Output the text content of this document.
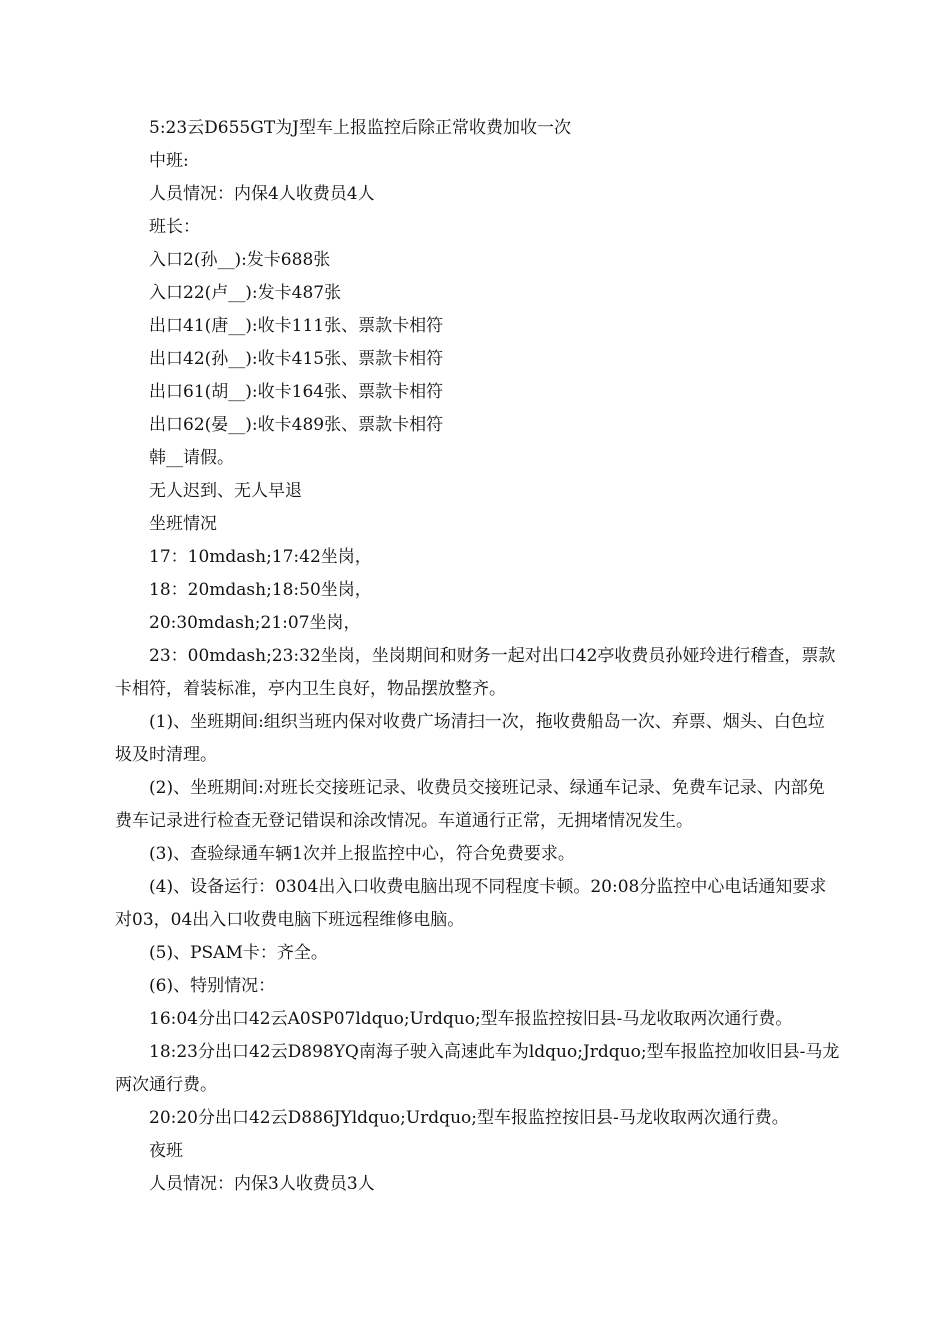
5:23云D655GT为J型车上报监控后除正常收费加收一次

中班:

人员情况：内保4人收费员4人

班长：

入口2(孙__):发卡688张

入口22(卢__):发卡487张

出口41(唐__):收卡111张、票款卡相符

出口42(孙__):收卡415张、票款卡相符

出口61(胡__):收卡164张、票款卡相符

出口62(晏__):收卡489张、票款卡相符

韩__请假。

无人迟到、无人早退

坐班情况

17：10mdash;17:42坐岗，

18：20mdash;18:50坐岗，

20:30mdash;21:07坐岗，

23：00mdash;23:32坐岗，坐岗期间和财务一起对出口42亭收费员孙娅玲进行稽查，票款卡相符，着装标准，亭内卫生良好，物品摆放整齐。

(1)、坐班期间:组织当班内保对收费广场清扫一次，拖收费船岛一次、弃票、烟头、白色垃圾及时清理。

(2)、坐班期间:对班长交接班记录、收费员交接班记录、绿通车记录、免费车记录、内部免费车记录进行检查无登记错误和涂改情况。车道通行正常，无拥堵情况发生。

(3)、查验绿通车辆1次并上报监控中心，符合免费要求。

(4)、设备运行：0304出入口收费电脑出现不同程度卡顿。20:08分监控中心电话通知要求对03，04出入口收费电脑下班远程维修电脑。

(5)、PSAM卡：齐全。

(6)、特别情况：

16:04分出口42云A0SP07ldquo;Urdquo;型车报监控按旧县-马龙收取两次通行费。

18:23分出口42云D898YQ南海子驶入高速此车为ldquo;Jrdquo;型车报监控加收旧县-马龙两次通行费。

20:20分出口42云D886JYldquo;Urdquo;型车报监控按旧县-马龙收取两次通行费。

夜班

人员情况：内保3人收费员3人
